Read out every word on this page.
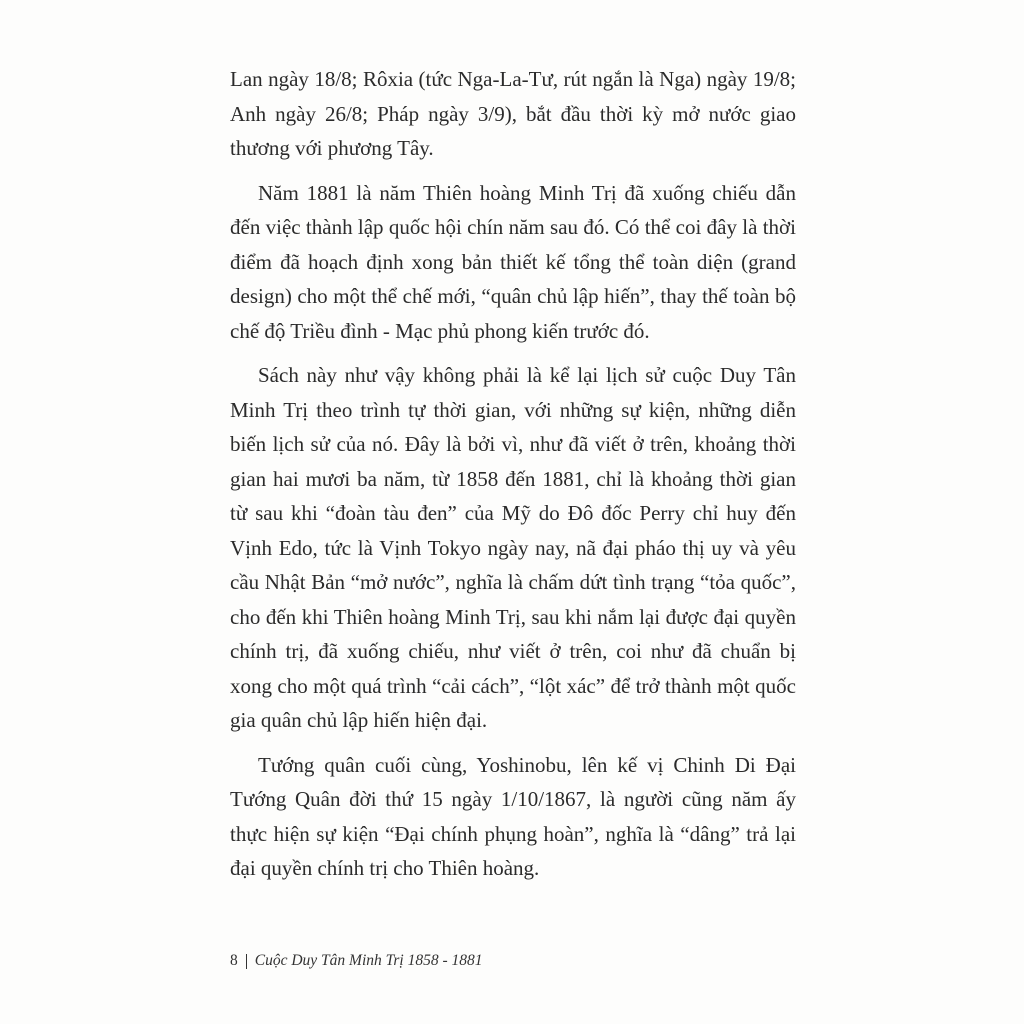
Lan ngày 18/8; Rôxia (tức Nga-La-Tư, rút ngắn là Nga) ngày 19/8; Anh ngày 26/8; Pháp ngày 3/9), bắt đầu thời kỳ mở nước giao thương với phương Tây.

Năm 1881 là năm Thiên hoàng Minh Trị đã xuống chiếu dẫn đến việc thành lập quốc hội chín năm sau đó. Có thể coi đây là thời điểm đã hoạch định xong bản thiết kế tổng thể toàn diện (grand design) cho một thể chế mới, “quân chủ lập hiến”, thay thế toàn bộ chế độ Triều đình - Mạc phủ phong kiến trước đó.

Sách này như vậy không phải là kể lại lịch sử cuộc Duy Tân Minh Trị theo trình tự thời gian, với những sự kiện, những diễn biến lịch sử của nó. Đây là bởi vì, như đã viết ở trên, khoảng thời gian hai mươi ba năm, từ 1858 đến 1881, chỉ là khoảng thời gian từ sau khi “đoàn tàu đen” của Mỹ do Đô đốc Perry chỉ huy đến Vịnh Edo, tức là Vịnh Tokyo ngày nay, nã đại pháo thị uy và yêu cầu Nhật Bản “mở nước”, nghĩa là chấm dứt tình trạng “tỏa quốc”, cho đến khi Thiên hoàng Minh Trị, sau khi nắm lại được đại quyền chính trị, đã xuống chiếu, như viết ở trên, coi như đã chuẩn bị xong cho một quá trình “cải cách”, “lột xác” để trở thành một quốc gia quân chủ lập hiến hiện đại.

Tướng quân cuối cùng, Yoshinobu, lên kế vị Chinh Di Đại Tướng Quân đời thứ 15 ngày 1/10/1867, là người cũng năm ấy thực hiện sự kiện “Đại chính phụng hoàn”, nghĩa là “dâng” trả lại đại quyền chính trị cho Thiên hoàng.

8 Cuộc Duy Tân Minh Trị 1858 - 1881
